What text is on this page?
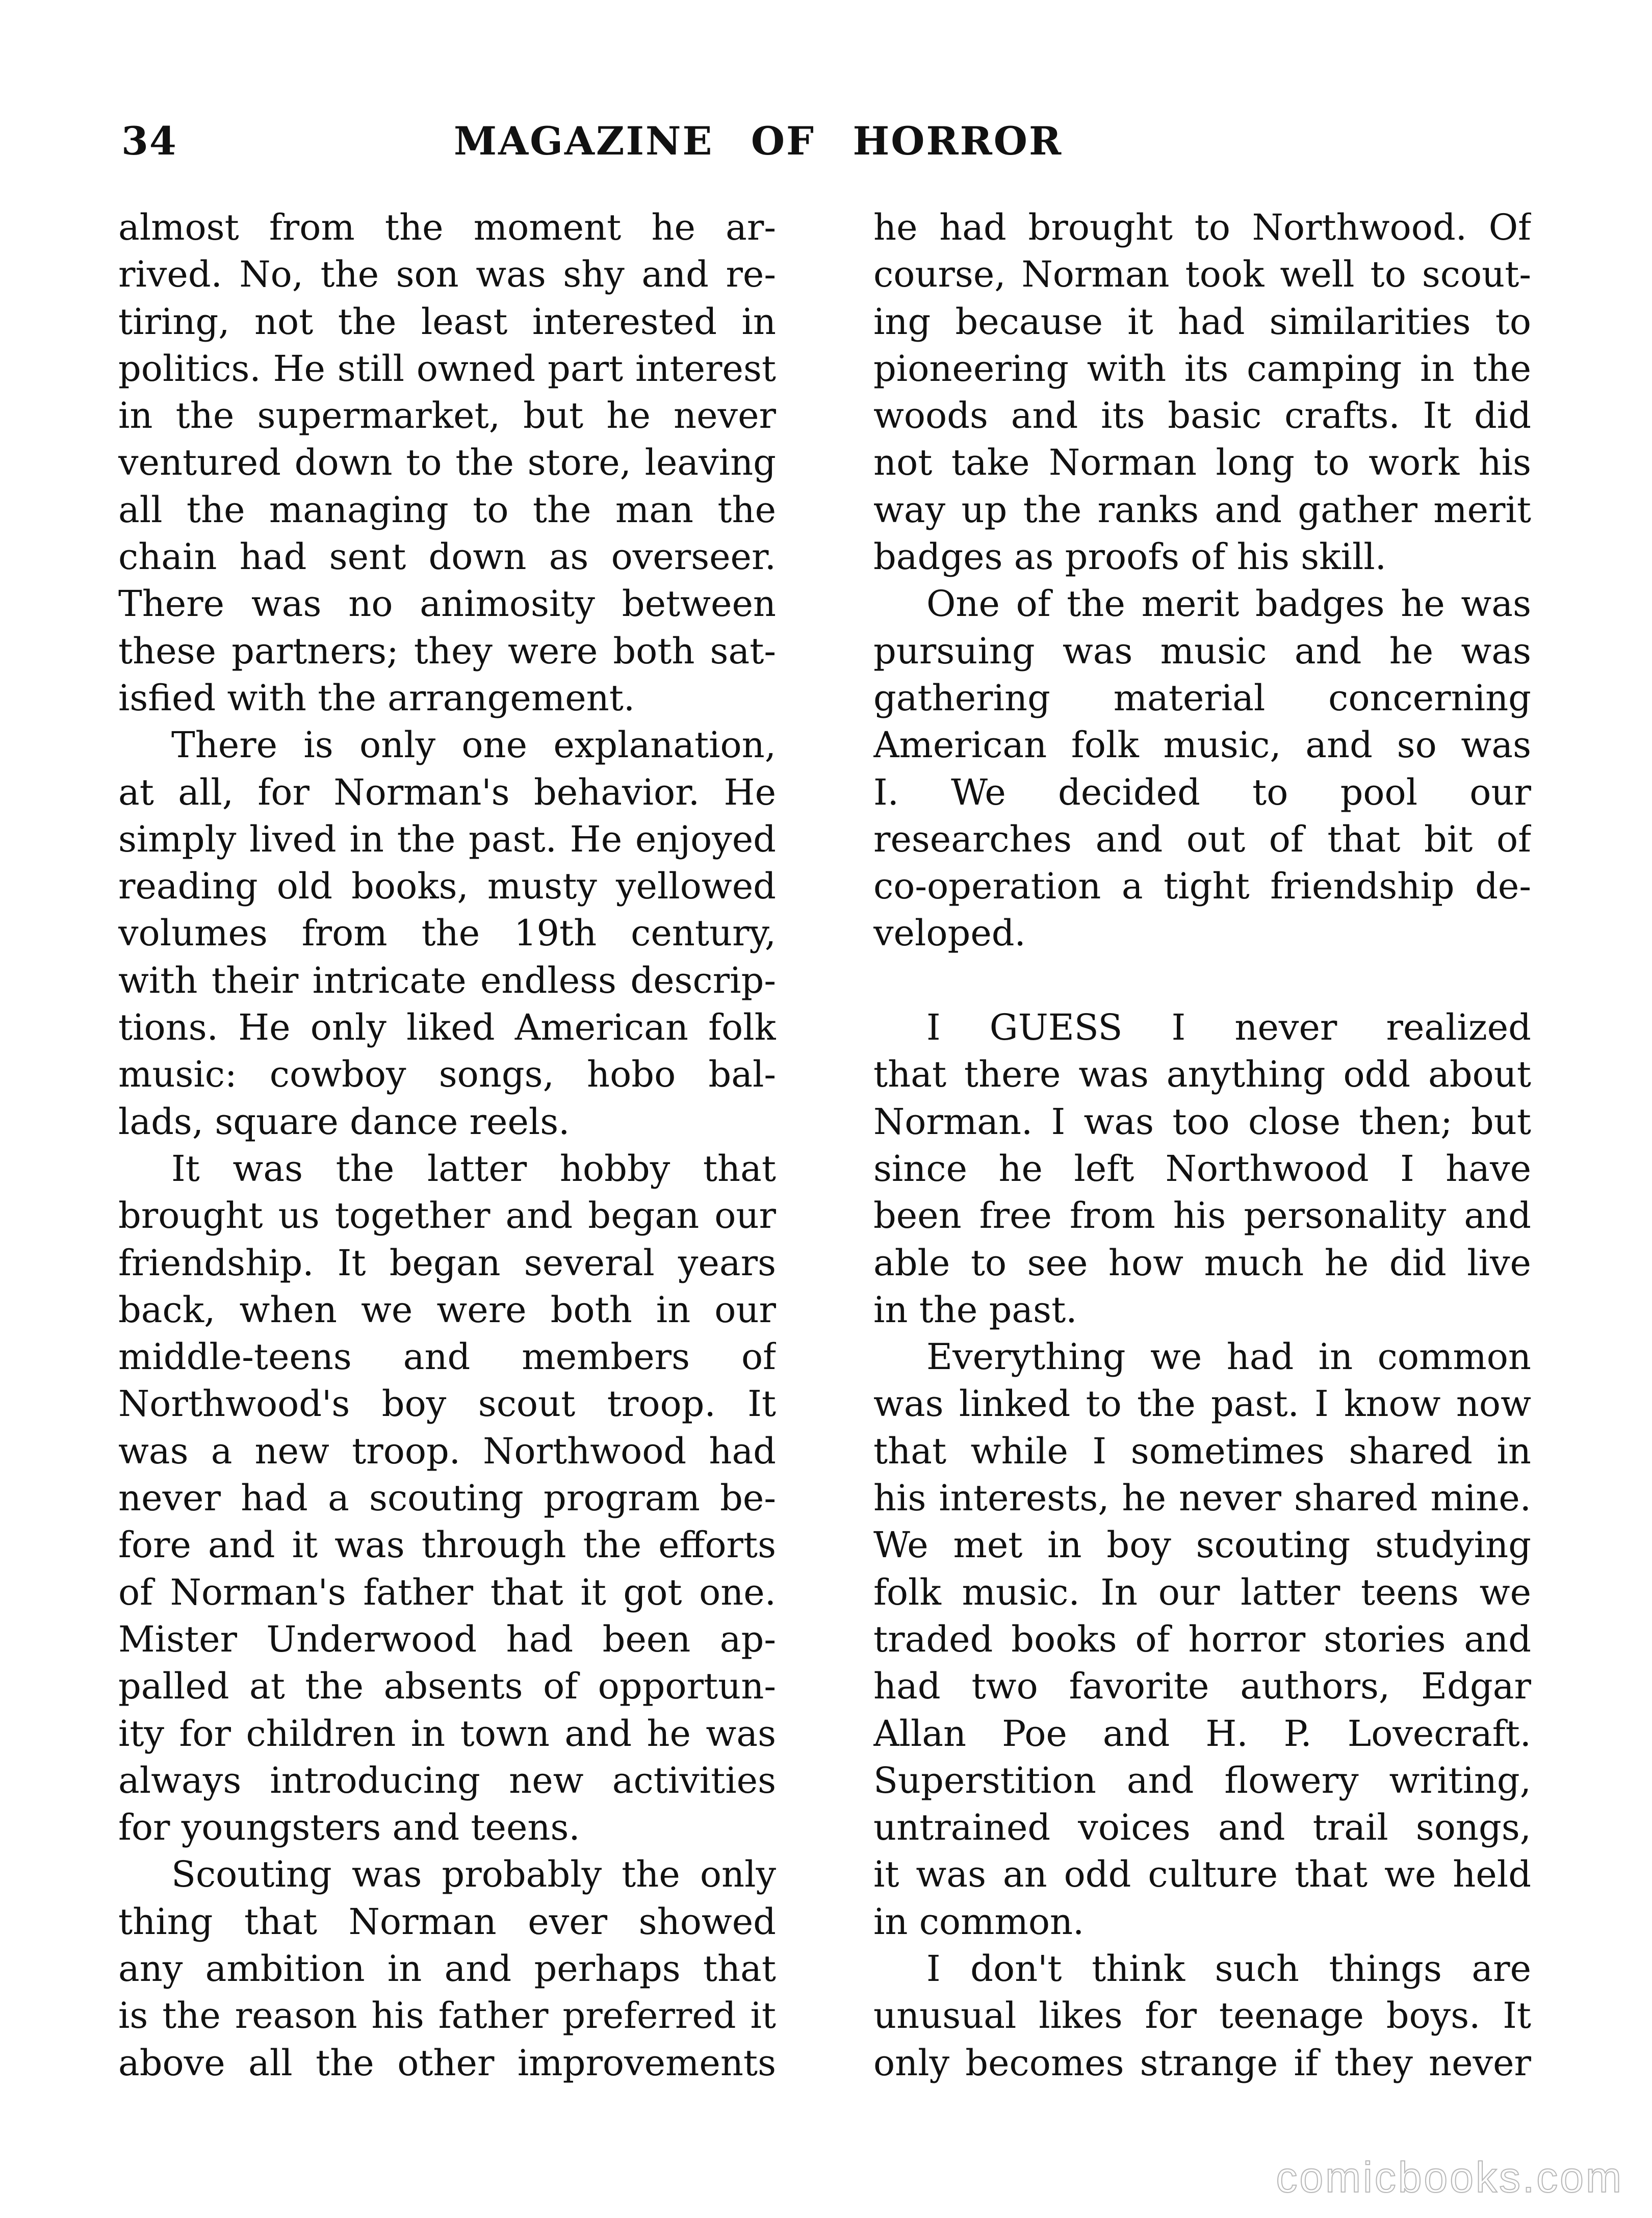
34	MAGAZINE OF HORROR
almost from the moment he ar-
rived. No, the son was shy and re-
tiring, not the least interested in
politics. He still owned part interest
in the supermarket, but he never
ventured down to the store, leaving
all the managing to the man the
chain had sent down as overseer.
There was no animosity between
these partners; they were both sat-
isfied with the arrangement.
There is only one explanation,
at all, for Norman's behavior. He
simply lived in the past. He enjoyed
reading old books, musty yellowed
volumes from the 19th century,
with their intricate endless descrip-
tions. He only liked American folk
music: cowboy songs, hobo bal-
lads, square dance reels.
It was the latter hobby that
brought us together and began our
friendship. It began several years
back, when we were both in our
middle-teens and members of
Northwood's boy scout troop. It
was a new troop. Northwood had
never had a scouting program be-
fore and it was through the efforts
of Norman's father that it got one.
Mister Underwood had been ap-
palled at the absents of opportun-
ity for children in town and he was
always introducing new activities
for youngsters and teens.
Scouting was probably the only
thing that Norman ever showed
any ambition in and perhaps that
is the reason his father preferred it
above all the other improvements
he had brought to Northwood. Of
course, Norman took well to scout-
ing because it had similarities to
pioneering with its camping in the
woods and its basic crafts. It did
not take Norman long to work his
way up the ranks and gather merit
badges as proofs of his skill.
One of the merit badges he was
pursuing was music and he was
gathering material concerning
American folk music, and so was
I. We decided to pool our
researches and out of that bit of
co-operation a tight friendship de-
veloped.
I GUESS I never realized
that there was anything odd about
Norman. I was too close then; but
since he left Northwood I have
been free from his personality and
able to see how much he did live
in the past.
Everything we had in common
was linked to the past. I know now
that while I sometimes shared in
his interests, he never shared mine.
We met in boy scouting studying
folk music. In our latter teens we
traded books of horror stories and
had two favorite authors, Edgar
Allan Poe and H. P. Lovecraft.
Superstition and flowery writing,
untrained voices and trail songs,
it was an odd culture that we held
in common.
I don't think such things are
unusual likes for teenage boys. It
only becomes strange if they never
comicbooks.com
